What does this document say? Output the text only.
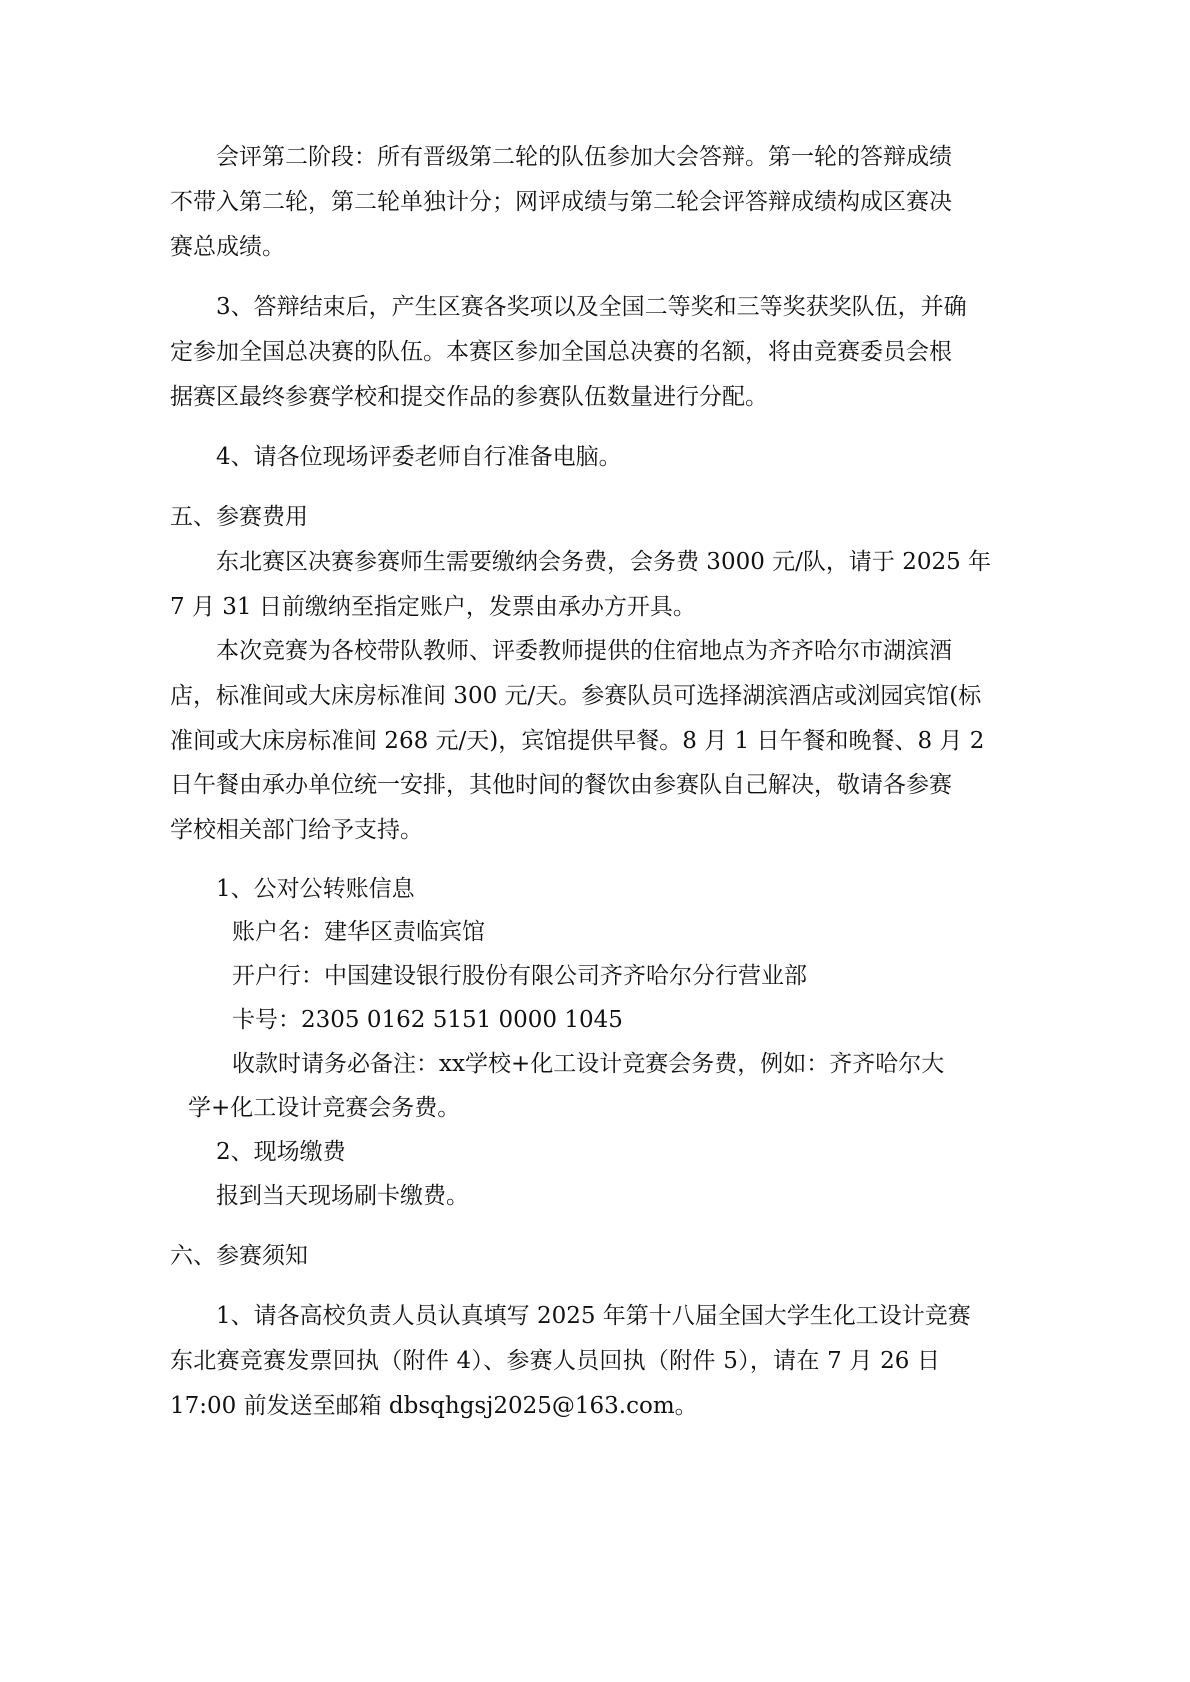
会评第二阶段：所有晋级第二轮的队伍参加大会答辩。第一轮的答辩成绩
不带入第二轮，第二轮单独计分；网评成绩与第二轮会评答辩成绩构成区赛决
赛总成绩。
3、答辩结束后，产生区赛各奖项以及全国二等奖和三等奖获奖队伍，并确
定参加全国总决赛的队伍。本赛区参加全国总决赛的名额，将由竞赛委员会根
据赛区最终参赛学校和提交作品的参赛队伍数量进行分配。
4、请各位现场评委老师自行准备电脑。
五、参赛费用
东北赛区决赛参赛师生需要缴纳会务费，会务费 3000 元/队，请于 2025 年
7 月 31 日前缴纳至指定账户，发票由承办方开具。
本次竞赛为各校带队教师、评委教师提供的住宿地点为齐齐哈尔市湖滨酒
店，标准间或大床房标准间 300 元/天。参赛队员可选择湖滨酒店或浏园宾馆(标
准间或大床房标准间 268 元/天)，宾馆提供早餐。8 月 1 日午餐和晚餐、8 月 2
日午餐由承办单位统一安排，其他时间的餐饮由参赛队自己解决，敬请各参赛
学校相关部门给予支持。
1、公对公转账信息
账户名：建华区责临宾馆
开户行：中国建设银行股份有限公司齐齐哈尔分行营业部
卡号：2305 0162 5151 0000 1045
收款时请务必备注：xx学校+化工设计竞赛会务费，例如：齐齐哈尔大
学+化工设计竞赛会务费。
2、现场缴费
报到当天现场刷卡缴费。
六、参赛须知
1、请各高校负责人员认真填写 2025 年第十八届全国大学生化工设计竞赛
东北赛竞赛发票回执（附件 4）、参赛人员回执（附件 5），请在 7 月 26 日
17:00 前发送至邮箱 dbsqhgsj2025@163.com。
